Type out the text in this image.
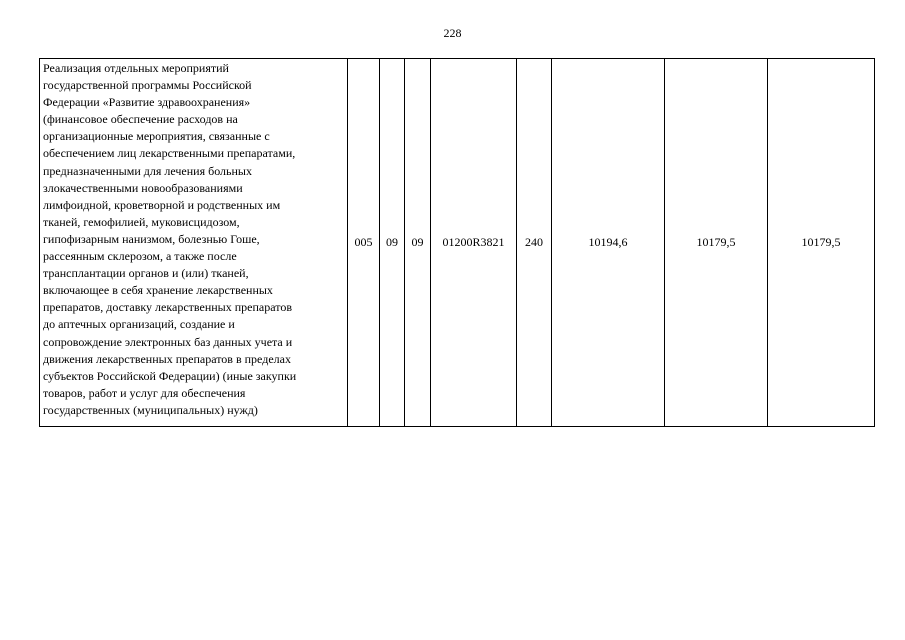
228
Реализация отдельных мероприятий
государственной программы Российской
Федерации «Развитие здравоохранения»
(финансовое обеспечение расходов на
организационные мероприятия, связанные с
обеспечением лиц лекарственными препаратами,
предназначенными для лечения больных
злокачественными новообразованиями
лимфоидной, кроветворной и родственных им
тканей, гемофилией, муковисцидозом,
гипофизарным нанизмом, болезнью Гоше,
рассеянным склерозом, а также после
трансплантации органов и (или) тканей,
включающее в себя хранение лекарственных
препаратов, доставку лекарственных препаратов
до аптечных организаций, создание и
сопровождение электронных баз данных учета и
движения лекарственных препаратов в пределах
субъектов Российской Федерации) (иные закупки
товаров, работ и услуг для обеспечения
государственных (муниципальных) нужд)
	005	09	09	01200R3821	240	10194,6	10179,5	10179,5
